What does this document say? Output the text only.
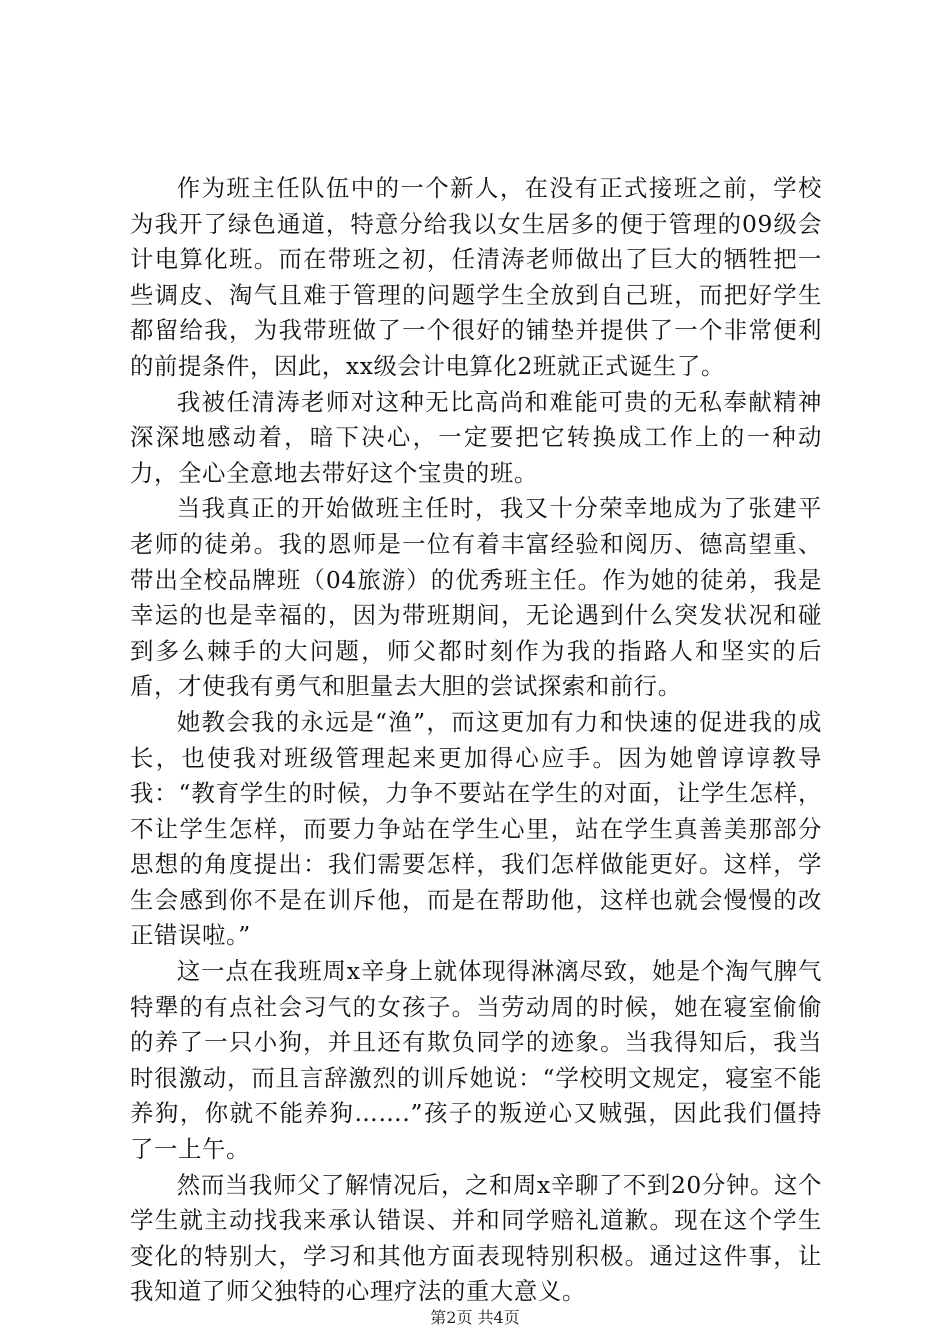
作为班主任队伍中的一个新人，在没有正式接班之前，学校为我开了绿色通道，特意分给我以女生居多的便于管理的09级会计电算化班。而在带班之初，任清涛老师做出了巨大的牺牲把一些调皮、淘气且难于管理的问题学生全放到自己班，而把好学生都留给我，为我带班做了一个很好的铺垫并提供了一个非常便利的前提条件，因此，xx级会计电算化2班就正式诞生了。

我被任清涛老师对这种无比高尚和难能可贵的无私奉献精神深深地感动着，暗下决心，一定要把它转换成工作上的一种动力，全心全意地去带好这个宝贵的班。

当我真正的开始做班主任时，我又十分荣幸地成为了张建平老师的徒弟。我的恩师是一位有着丰富经验和阅历、德高望重、带出全校品牌班（04旅游）的优秀班主任。作为她的徒弟，我是幸运的也是幸福的，因为带班期间，无论遇到什么突发状况和碰到多么棘手的大问题，师父都时刻作为我的指路人和坚实的后盾，才使我有勇气和胆量去大胆的尝试探索和前行。

她教会我的永远是“渔”，而这更加有力和快速的促进我的成长，也使我对班级管理起来更加得心应手。因为她曾谆谆教导我：“教育学生的时候，力争不要站在学生的对面，让学生怎样，不让学生怎样，而要力争站在学生心里，站在学生真善美那部分思想的角度提出：我们需要怎样，我们怎样做能更好。这样，学生会感到你不是在训斥他，而是在帮助他，这样也就会慢慢的改正错误啦。”

这一点在我班周x辛身上就体现得淋漓尽致，她是个淘气脾气特犟的有点社会习气的女孩子。当劳动周的时候，她在寝室偷偷的养了一只小狗，并且还有欺负同学的迹象。当我得知后，我当时很激动，而且言辞激烈的训斥她说：“学校明文规定，寝室不能养狗，你就不能养狗…….”孩子的叛逆心又贼强，因此我们僵持了一上午。

然而当我师父了解情况后，之和周x辛聊了不到20分钟。这个学生就主动找我来承认错误、并和同学赔礼道歉。现在这个学生变化的特别大，学习和其他方面表现特别积极。通过这件事，让我知道了师父独特的心理疗法的重大意义。

第2页 共4页
